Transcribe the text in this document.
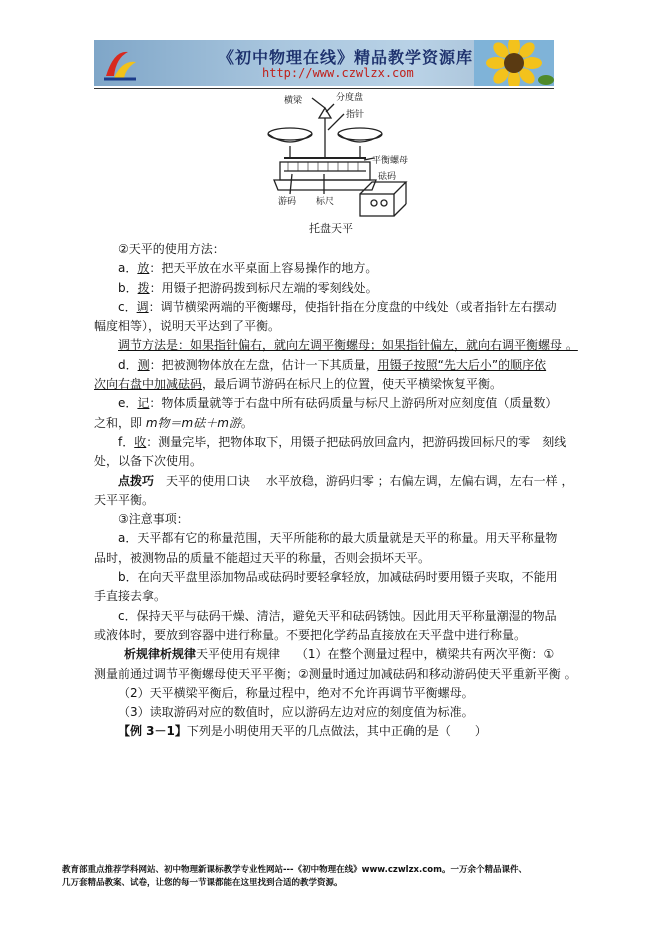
《初中物理在线》精品教学资源库
http://www.czwlzx.com
横梁	分度盘
指针
平衡螺母
砝码
游码 标尺
托盘天平
②天平的使用方法：
a．放：把天平放在水平桌面上容易操作的地方。
b．拨：用镊子把游码拨到标尺左端的零刻线处。
c．调：调节横梁两端的平衡螺母，使指针指在分度盘的中线处（或者指针左右摆动
幅度相等），说明天平达到了平衡。
调节方法是：如果指针偏右，就向左调平衡螺母；如果指针偏左，就向右调平衡螺母 。
d．测：把被测物体放在左盘，估计一下其质量，用镊子按照“先大后小”的顺序依
次向右盘中加减砝码，最后调节游码在标尺上的位置，使天平横梁恢复平衡。
e．记：物体质量就等于右盘中所有砝码质量与标尺上游码所对应刻度值（质量数）
之和，即 m物＝m砝＋m游。
f．收：测量完毕，把物体取下，用镊子把砝码放回盒内，把游码拨回标尺的零　刻线
处，以备下次使用。
点拨巧　天平的使用口诀　 水平放稳，游码归零 ；右偏左调，左偏右调，左右一样 ，
天平平衡。
③注意事项：
a．天平都有它的称量范围，天平所能称的最大质量就是天平的称量。用天平称量物
品时，被测物品的质量不能超过天平的称量，否则会损坏天平。
b．在向天平盘里添加物品或砝码时要轻拿轻放，加减砝码时要用镊子夹取，不能用
手直接去拿。
c．保持天平与砝码干燥、清洁，避免天平和砝码锈蚀。因此用天平称量潮湿的物品
或液体时，要放到容器中进行称量。不要把化学药品直接放在天平盘中进行称量。
析规律析规律天平使用有规律　 （1）在整个测量过程中，横梁共有两次平衡：①
测量前通过调节平衡螺母使天平平衡；②测量时通过加减砝码和移动游码使天平重新平衡 。
（2）天平横梁平衡后，称量过程中，绝对不允许再调节平衡螺母。
（3）读取游码对应的数值时，应以游码左边对应的刻度值为标准。
【例 3－1】下列是小明使用天平的几点做法，其中正确的是（　　）
教育部重点推荐学科网站、初中物理新课标教学专业性网站---《初中物理在线》www.czwlzx.com。一万余个精品课件、
几万套精品教案、试卷，让您的每一节课都能在这里找到合适的教学资源。
